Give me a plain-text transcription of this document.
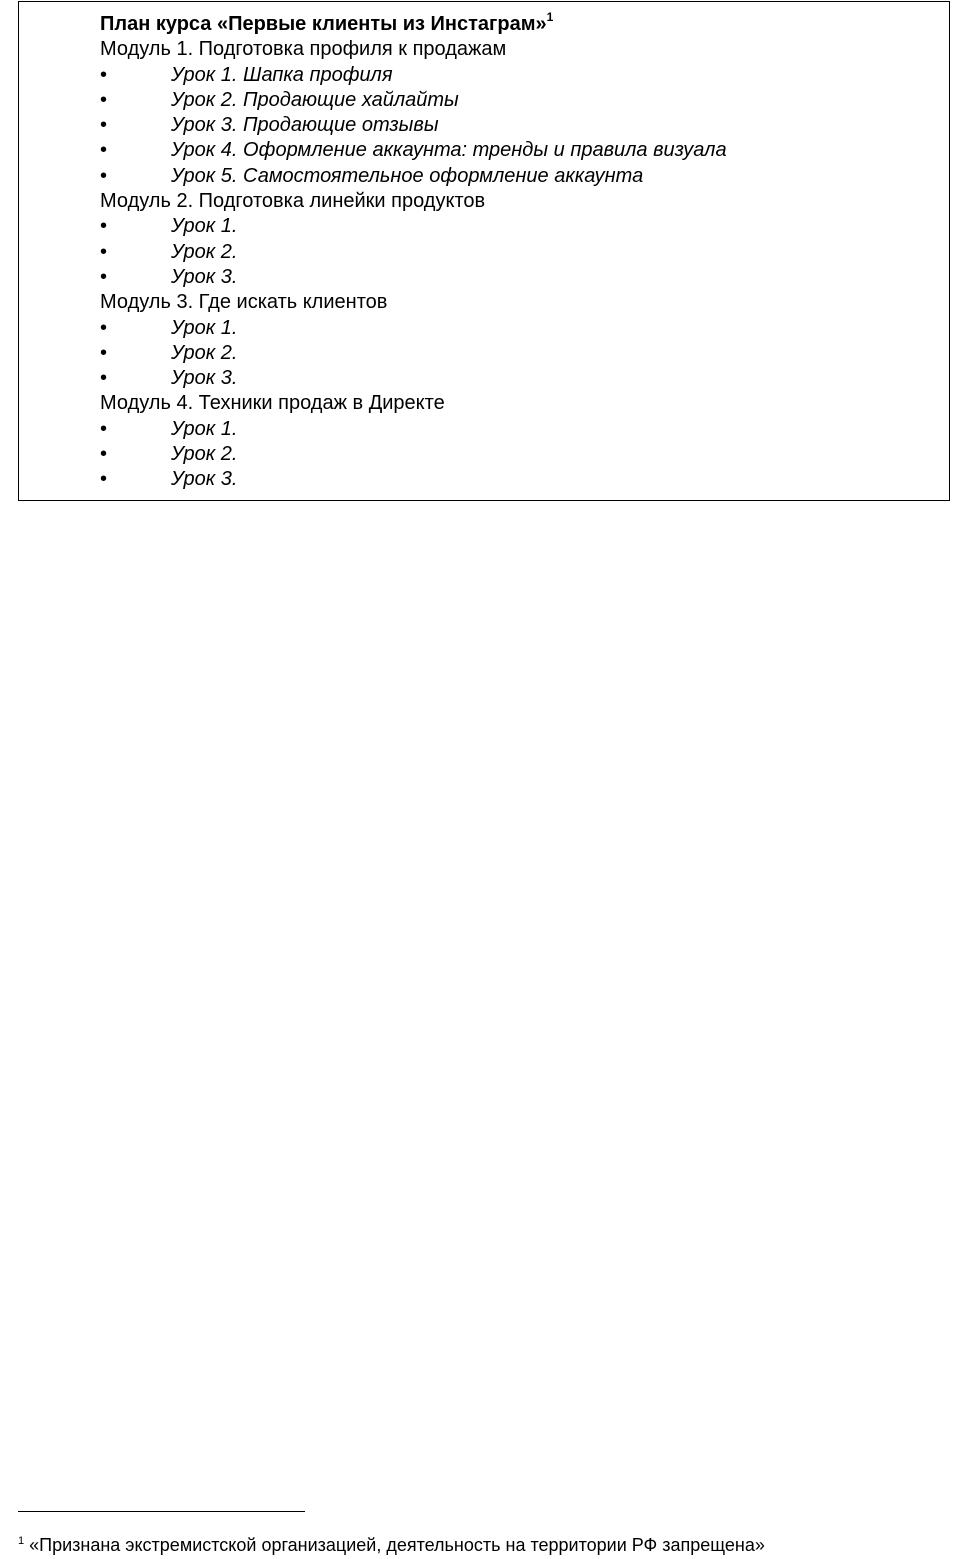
План курса «Первые клиенты из Инстаграм»$^1$
Модуль 1. Подготовка профиля к продажам
•	Урок 1. Шапка профиля
•	Урок 2. Продающие хайлайты
•	Урок 3. Продающие отзывы
•	Урок 4. Оформление аккаунта: тренды и правила визуала
•	Урок 5. Самостоятельное оформление аккаунта
Модуль 2. Подготовка линейки продуктов
•	Урок 1.
•	Урок 2.
•	Урок 3.
Модуль 3. Где искать клиентов
•	Урок 1.
•	Урок 2.
•	Урок 3.
Модуль 4. Техники продаж в Директе
•	Урок 1.
•	Урок 2.
•	Урок 3.
$^1$ «Признана экстремистской организацией, деятельность на территории РФ запрещена»
